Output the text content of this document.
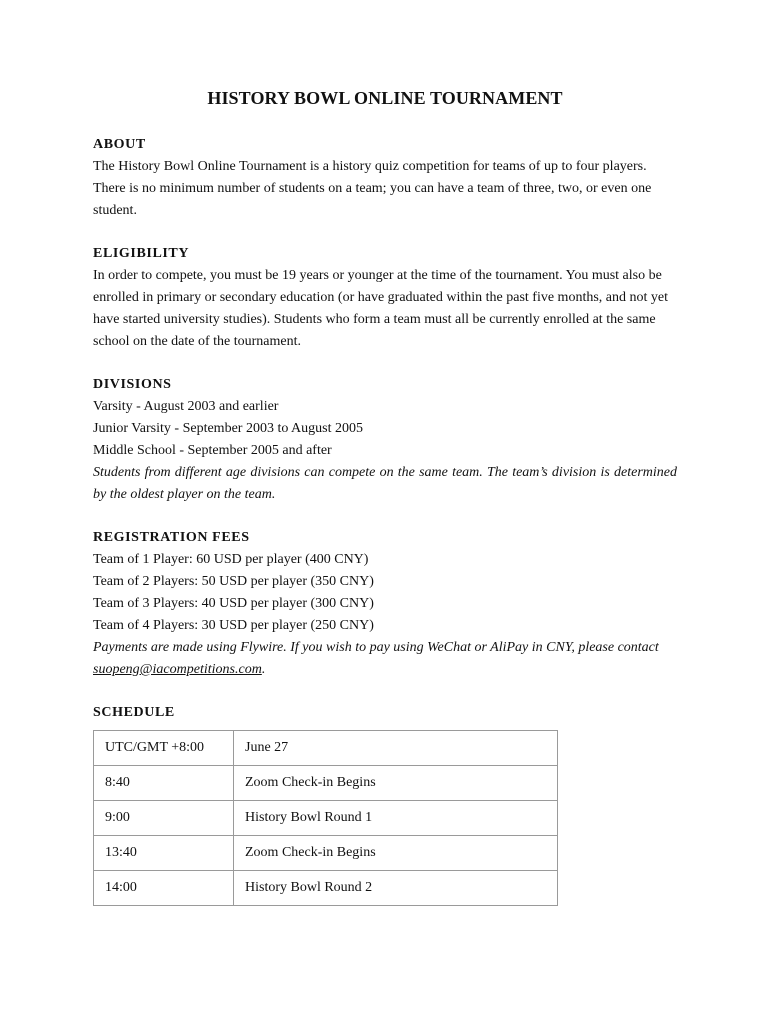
HISTORY BOWL ONLINE TOURNAMENT

ABOUT

The History Bowl Online Tournament is a history quiz competition for teams of up to four players. There is no minimum number of students on a team; you can have a team of three, two, or even one student.

ELIGIBILITY

In order to compete, you must be 19 years or younger at the time of the tournament. You must also be enrolled in primary or secondary education (or have graduated within the past five months, and not yet have started university studies). Students who form a team must all be currently enrolled at the same school on the date of the tournament.

DIVISIONS

Varsity - August 2003 and earlier

Junior Varsity - September 2003 to August 2005

Middle School - September 2005 and after

Students from different age divisions can compete on the same team. The team’s division is determined by the oldest player on the team.

REGISTRATION FEES

Team of 1 Player: 60 USD per player (400 CNY)

Team of 2 Players: 50 USD per player (350 CNY)

Team of 3 Players: 40 USD per player (300 CNY)

Team of 4 Players: 30 USD per player (250 CNY)

Payments are made using Flywire. If you wish to pay using WeChat or AliPay in CNY, please contact suopeng@iacompetitions.com.

SCHEDULE

UTC/GMT +8:00	June 27
8:40	Zoom Check-in Begins
9:00	History Bowl Round 1
13:40	Zoom Check-in Begins
14:00	History Bowl Round 2
